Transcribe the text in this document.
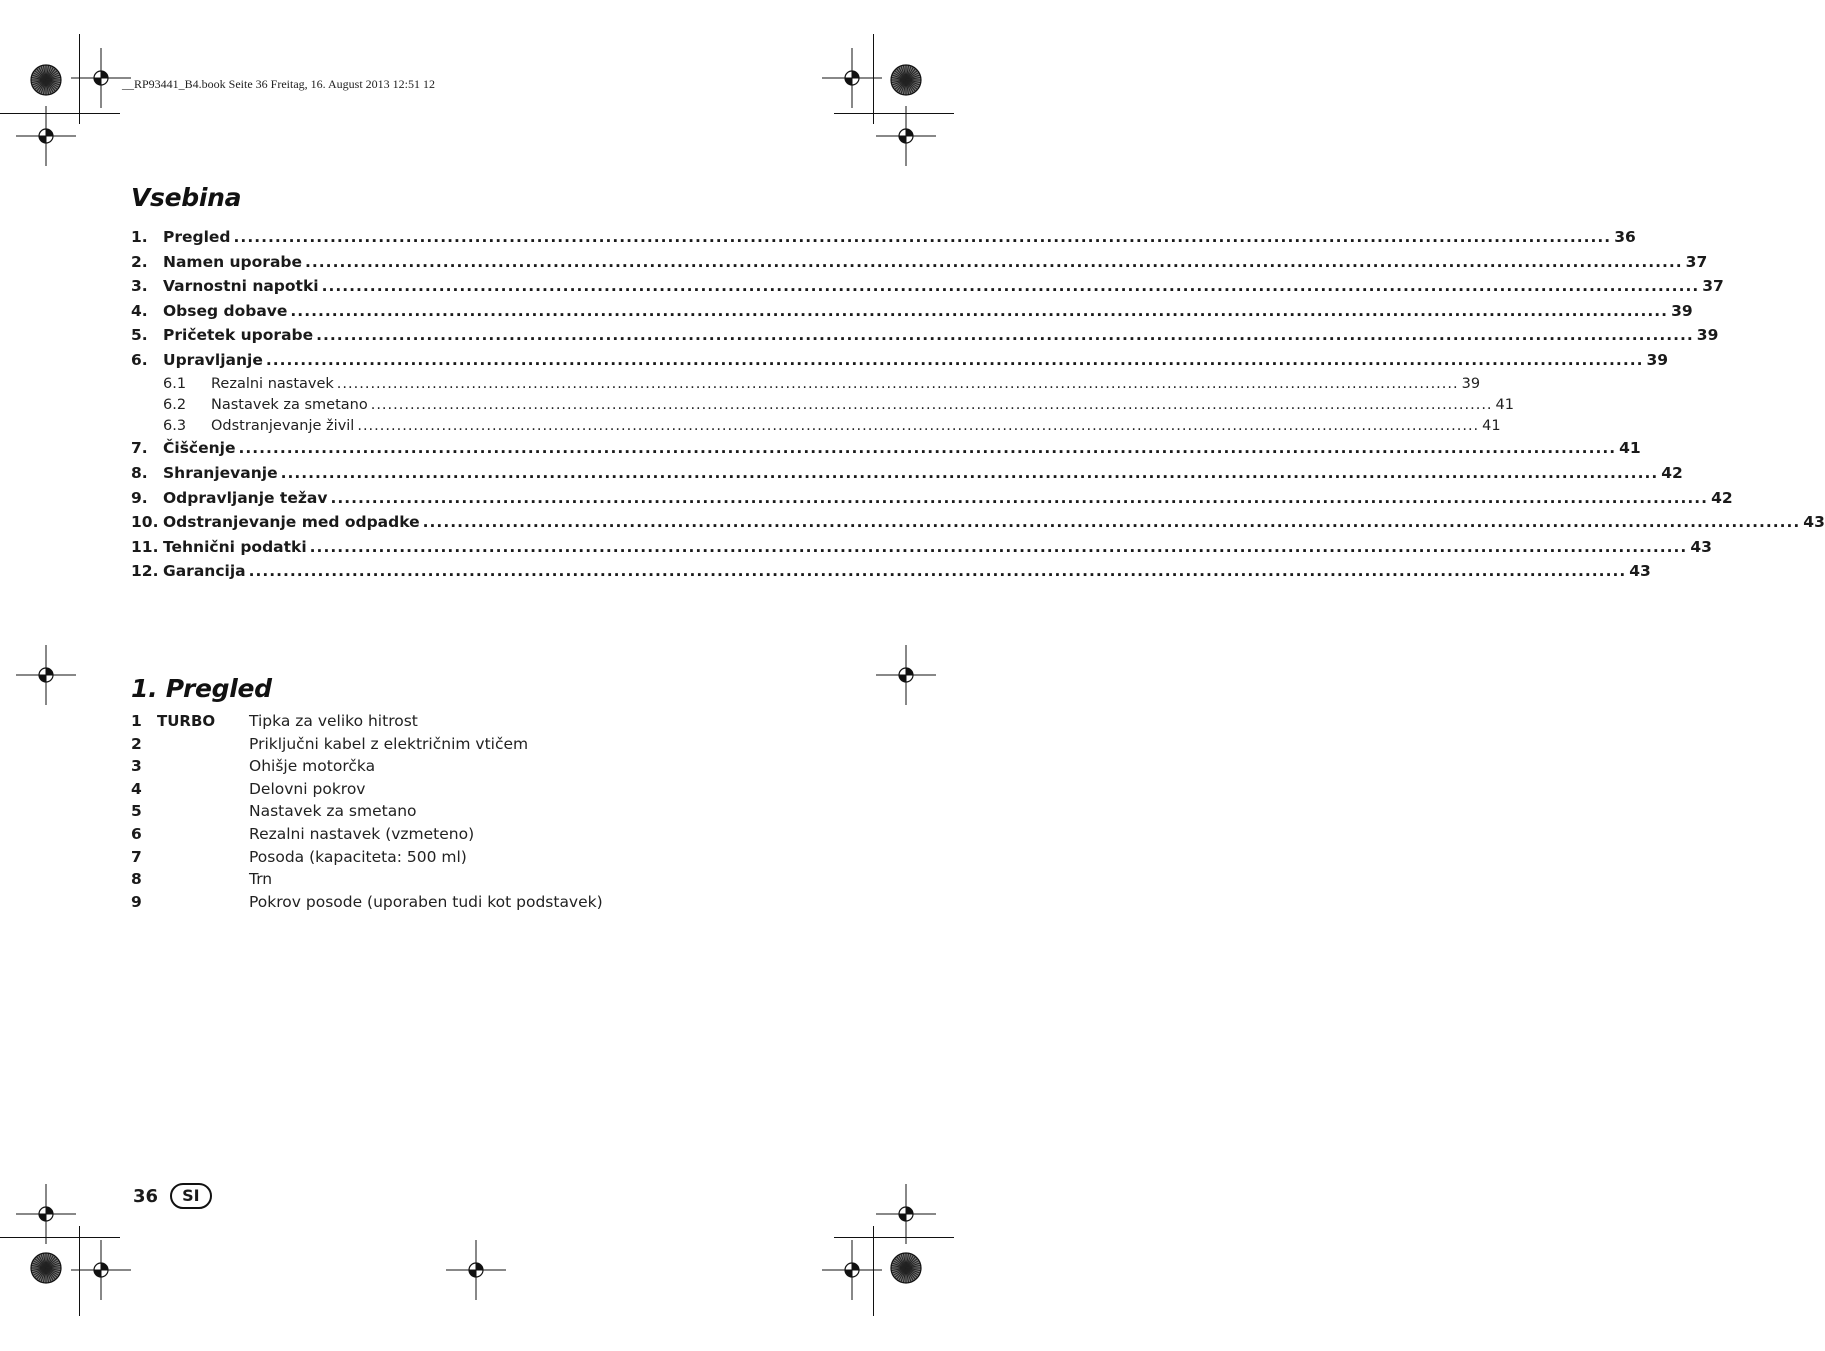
__RP93441_B4.book Seite 36 Freitag, 16. August 2013 12:51 12
Vsebina
1. Pregled ........................................................................................................................................................................................................ 36
2. Namen uporabe ........................................................................................................................................................................................................ 37
3. Varnostni napotki ........................................................................................................................................................................................................ 37
4. Obseg dobave ........................................................................................................................................................................................................ 39
5. Pričetek uporabe ........................................................................................................................................................................................................ 39
6. Upravljanje ........................................................................................................................................................................................................ 39
6.1	Rezalni nastavek ........................................................................................................................................................................................................ 39
6.2	Nastavek za smetano ........................................................................................................................................................................................................ 41
6.3	Odstranjevanje živil ........................................................................................................................................................................................................ 41
7. Čiščenje ........................................................................................................................................................................................................ 41
8. Shranjevanje ........................................................................................................................................................................................................ 42
9. Odpravljanje težav ........................................................................................................................................................................................................ 42
10. Odstranjevanje med odpadke ........................................................................................................................................................................................................ 43
11. Tehnični podatki ........................................................................................................................................................................................................ 43
12. Garancija ........................................................................................................................................................................................................ 43
1. Pregled
1	TURBO	Tipka za veliko hitrost
2	Priključni kabel z električnim vtičem
3	Ohišje motorčka
4	Delovni pokrov
5	Nastavek za smetano
6	Rezalni nastavek (vzmeteno)
7	Posoda (kapaciteta: 500 ml)
8	Trn
9	Pokrov posode (uporaben tudi kot podstavek)
36	SI
